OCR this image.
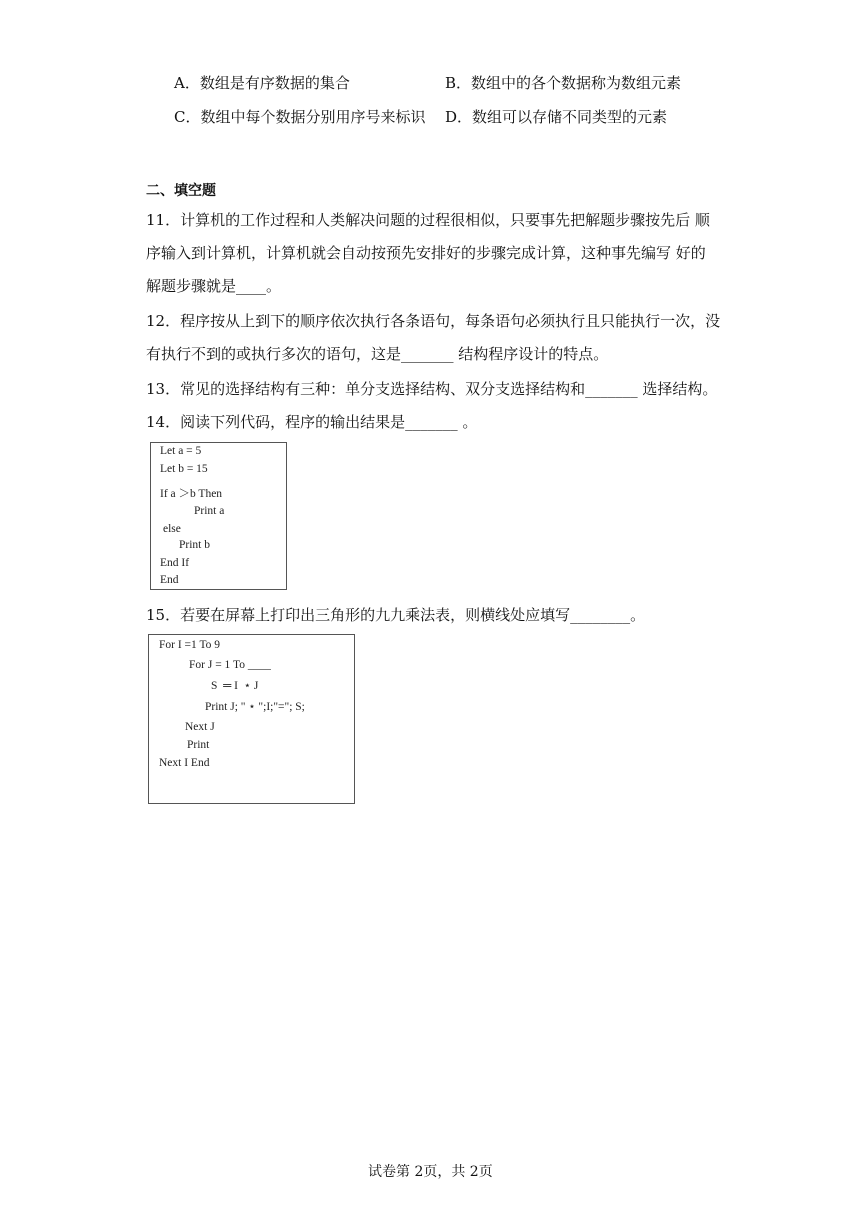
A．数组是有序数据的集合	B．数组中的各个数据称为数组元素
C．数组中每个数据分别用序号来标识 D．数组可以存储不同类型的元素
二、填空题
11．计算机的工作过程和人类解决问题的过程很相似，只要事先把解题步骤按先后 顺
序输入到计算机，计算机就会自动按预先安排好的步骤完成计算，这种事先编写 好的
解题步骤就是____。
12．程序按从上到下的顺序依次执行各条语句，每条语句必须执行且只能执行一次，没
有执行不到的或执行多次的语句，这是_______ 结构程序设计的特点。
13．常见的选择结构有三种：单分支选择结构、双分支选择结构和_______ 选择结构。
14．阅读下列代码，程序的输出结果是_______ 。
Let a = 5
Let b = 15
If a ＞b Then
Print a
else
Print b
End If
End
15．若要在屏幕上打印出三角形的九九乘法表，则横线处应填写________。
For I =1 To 9
For J = 1 To ____
S  ═ I  ⋆ J
Print J; " ⋆ ";I;"="; S;
Next J
Print
Next I End
试卷第 2页，共 2页
